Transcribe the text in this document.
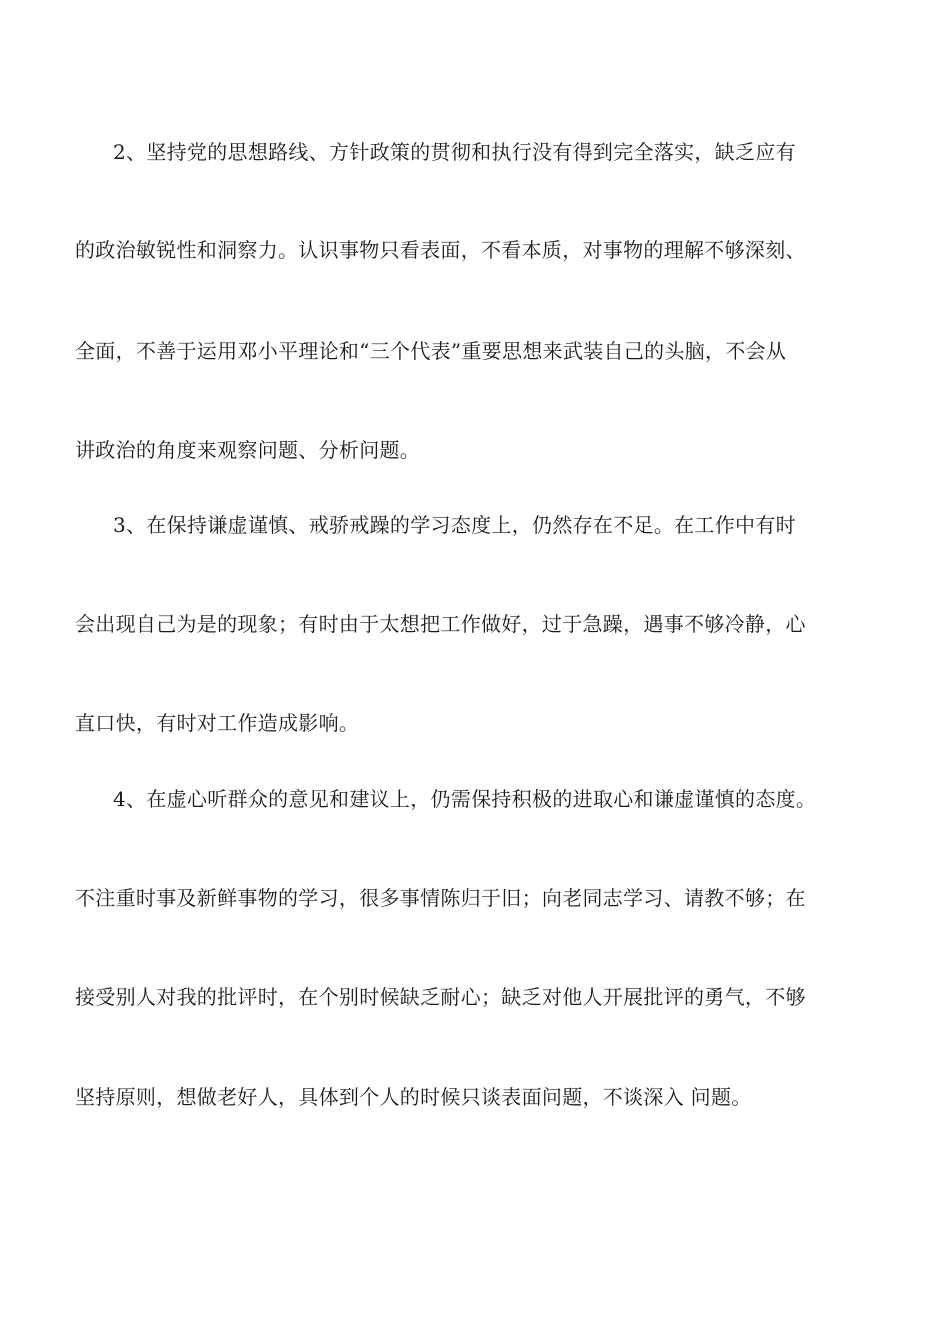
2、坚持党的思想路线、方针政策的贯彻和执行没有得到完全落实，缺乏应有
的政治敏锐性和洞察力。认识事物只看表面，不看本质，对事物的理解不够深刻、
全面，不善于运用邓小平理论和“三个代表”重要思想来武装自己的头脑，不会从
讲政治的角度来观察问题、分析问题。
3、在保持谦虚谨慎、戒骄戒躁的学习态度上，仍然存在不足。在工作中有时
会出现自己为是的现象；有时由于太想把工作做好，过于急躁，遇事不够冷静，心
直口快，有时对工作造成影响。
4、在虚心听群众的意见和建议上，仍需保持积极的进取心和谦虚谨慎的态度。
不注重时事及新鲜事物的学习，很多事情陈归于旧；向老同志学习、请教不够；在
接受别人对我的批评时，在个别时候缺乏耐心；缺乏对他人开展批评的勇气，不够
坚持原则，想做老好人，具体到个人的时候只谈表面问题，不谈深入 问题。
